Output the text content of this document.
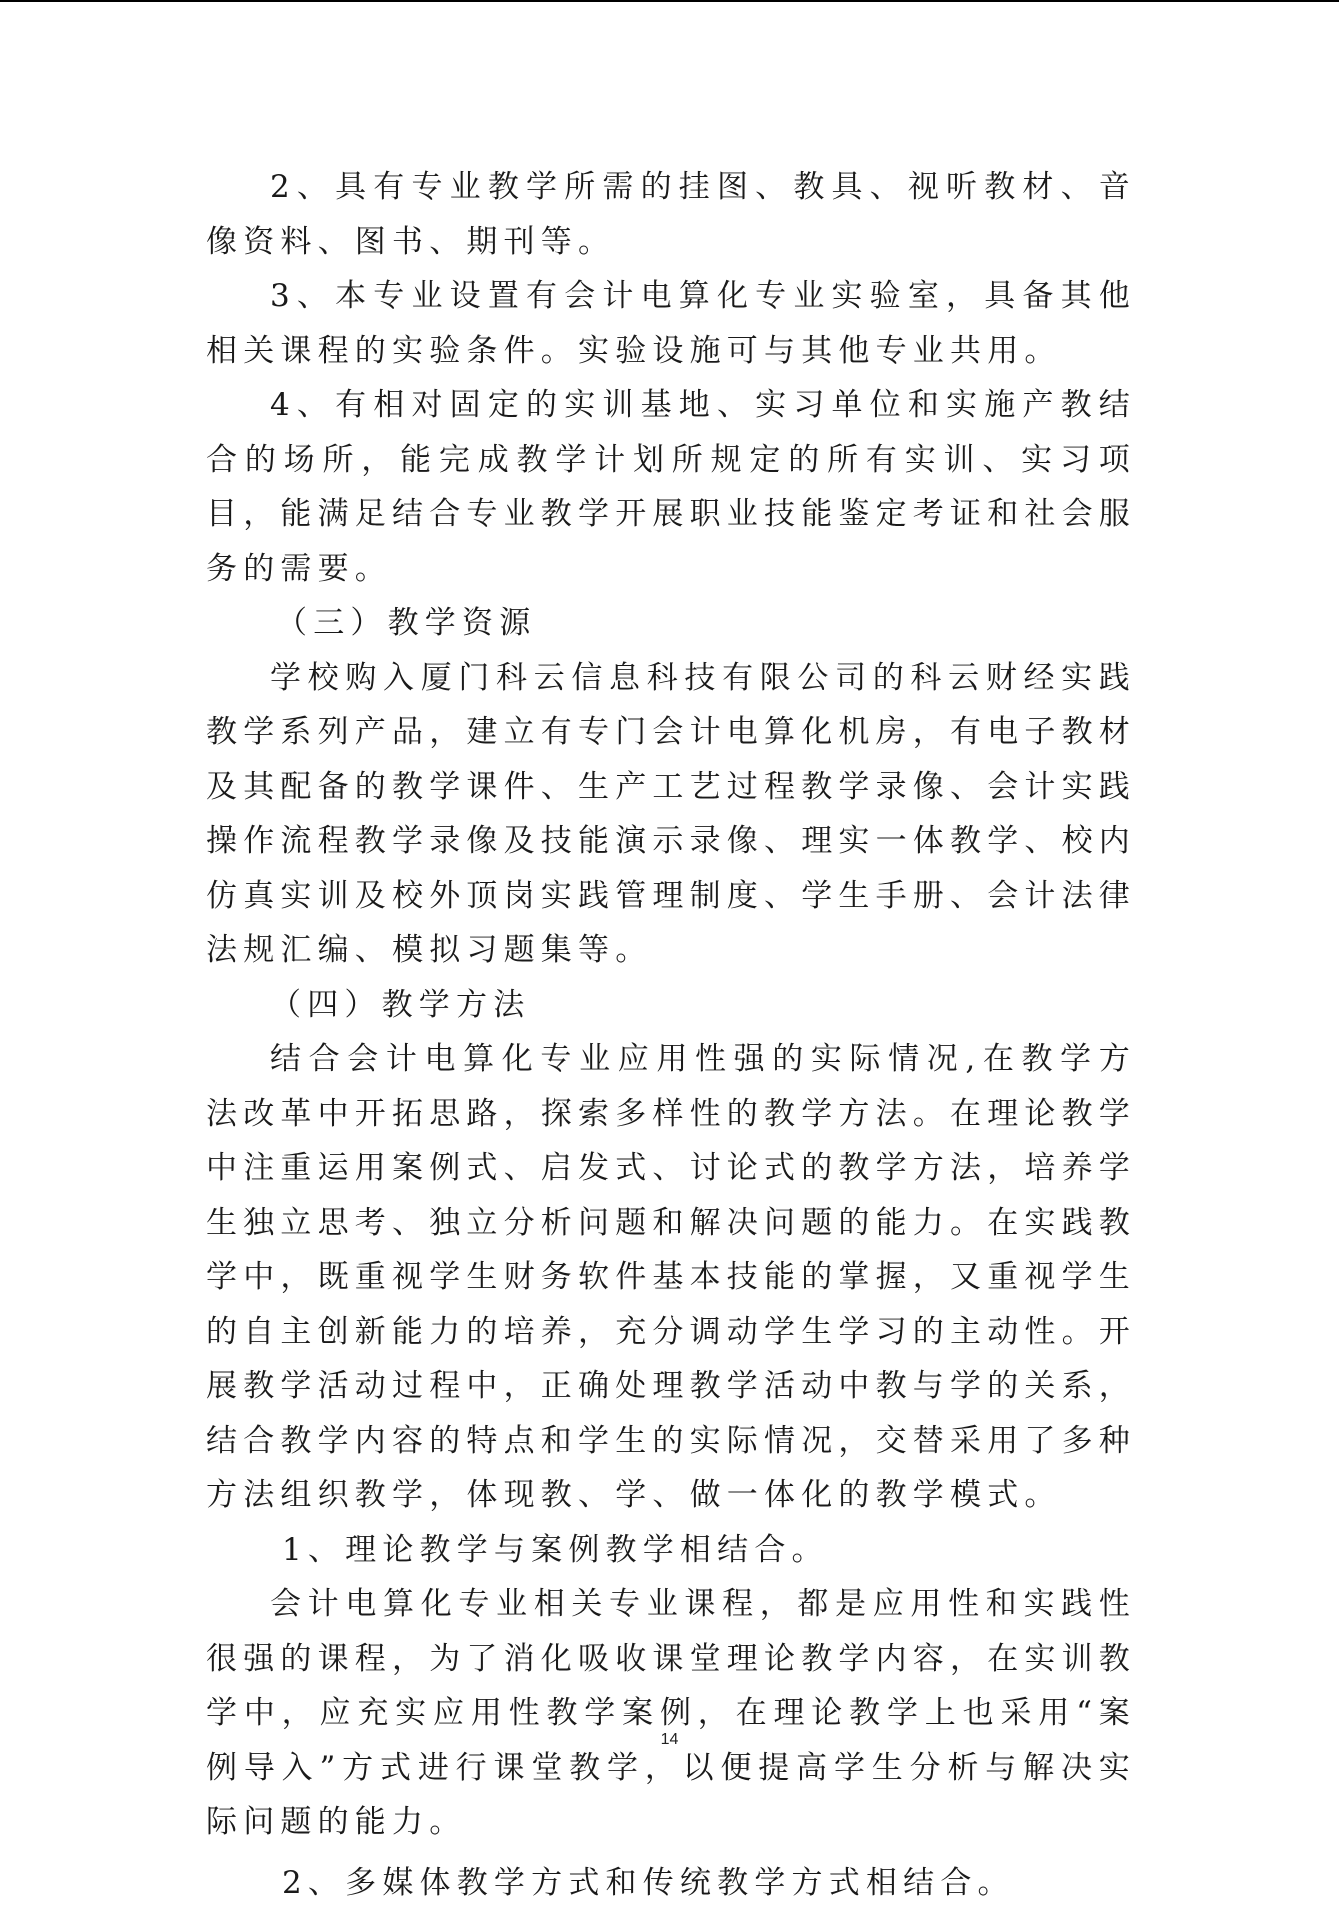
2、具有专业教学所需的挂图、教具、视听教材、音像资料、图书、期刊等。

3、本专业设置有会计电算化专业实验室，具备其他相关课程的实验条件。实验设施可与其他专业共用。

4、有相对固定的实训基地、实习单位和实施产教结合的场所，能完成教学计划所规定的所有实训、实习项目，能满足结合专业教学开展职业技能鉴定考证和社会服务的需要。

（三）教学资源

学校购入厦门科云信息科技有限公司的科云财经实践教学系列产品，建立有专门会计电算化机房，有电子教材及其配备的教学课件、生产工艺过程教学录像、会计实践操作流程教学录像及技能演示录像、理实一体教学、校内仿真实训及校外顶岗实践管理制度、学生手册、会计法律法规汇编、模拟习题集等。

（四）教学方法

结合会计电算化专业应用性强的实际情况,在教学方法改革中开拓思路，探索多样性的教学方法。在理论教学中注重运用案例式、启发式、讨论式的教学方法，培养学生独立思考、独立分析问题和解决问题的能力。在实践教学中，既重视学生财务软件基本技能的掌握，又重视学生的自主创新能力的培养，充分调动学生学习的主动性。开展教学活动过程中，正确处理教学活动中教与学的关系，结合教学内容的特点和学生的实际情况，交替采用了多种方法组织教学，体现教、学、做一体化的教学模式。

1、理论教学与案例教学相结合。

会计电算化专业相关专业课程，都是应用性和实践性很强的课程，为了消化吸收课堂理论教学内容，在实训教学中，应充实应用性教学案例，在理论教学上也采用“案例导入”方式进行课堂教学，以便提高学生分析与解决实际问题的能力。

2、多媒体教学方式和传统教学方式相结合。

14
